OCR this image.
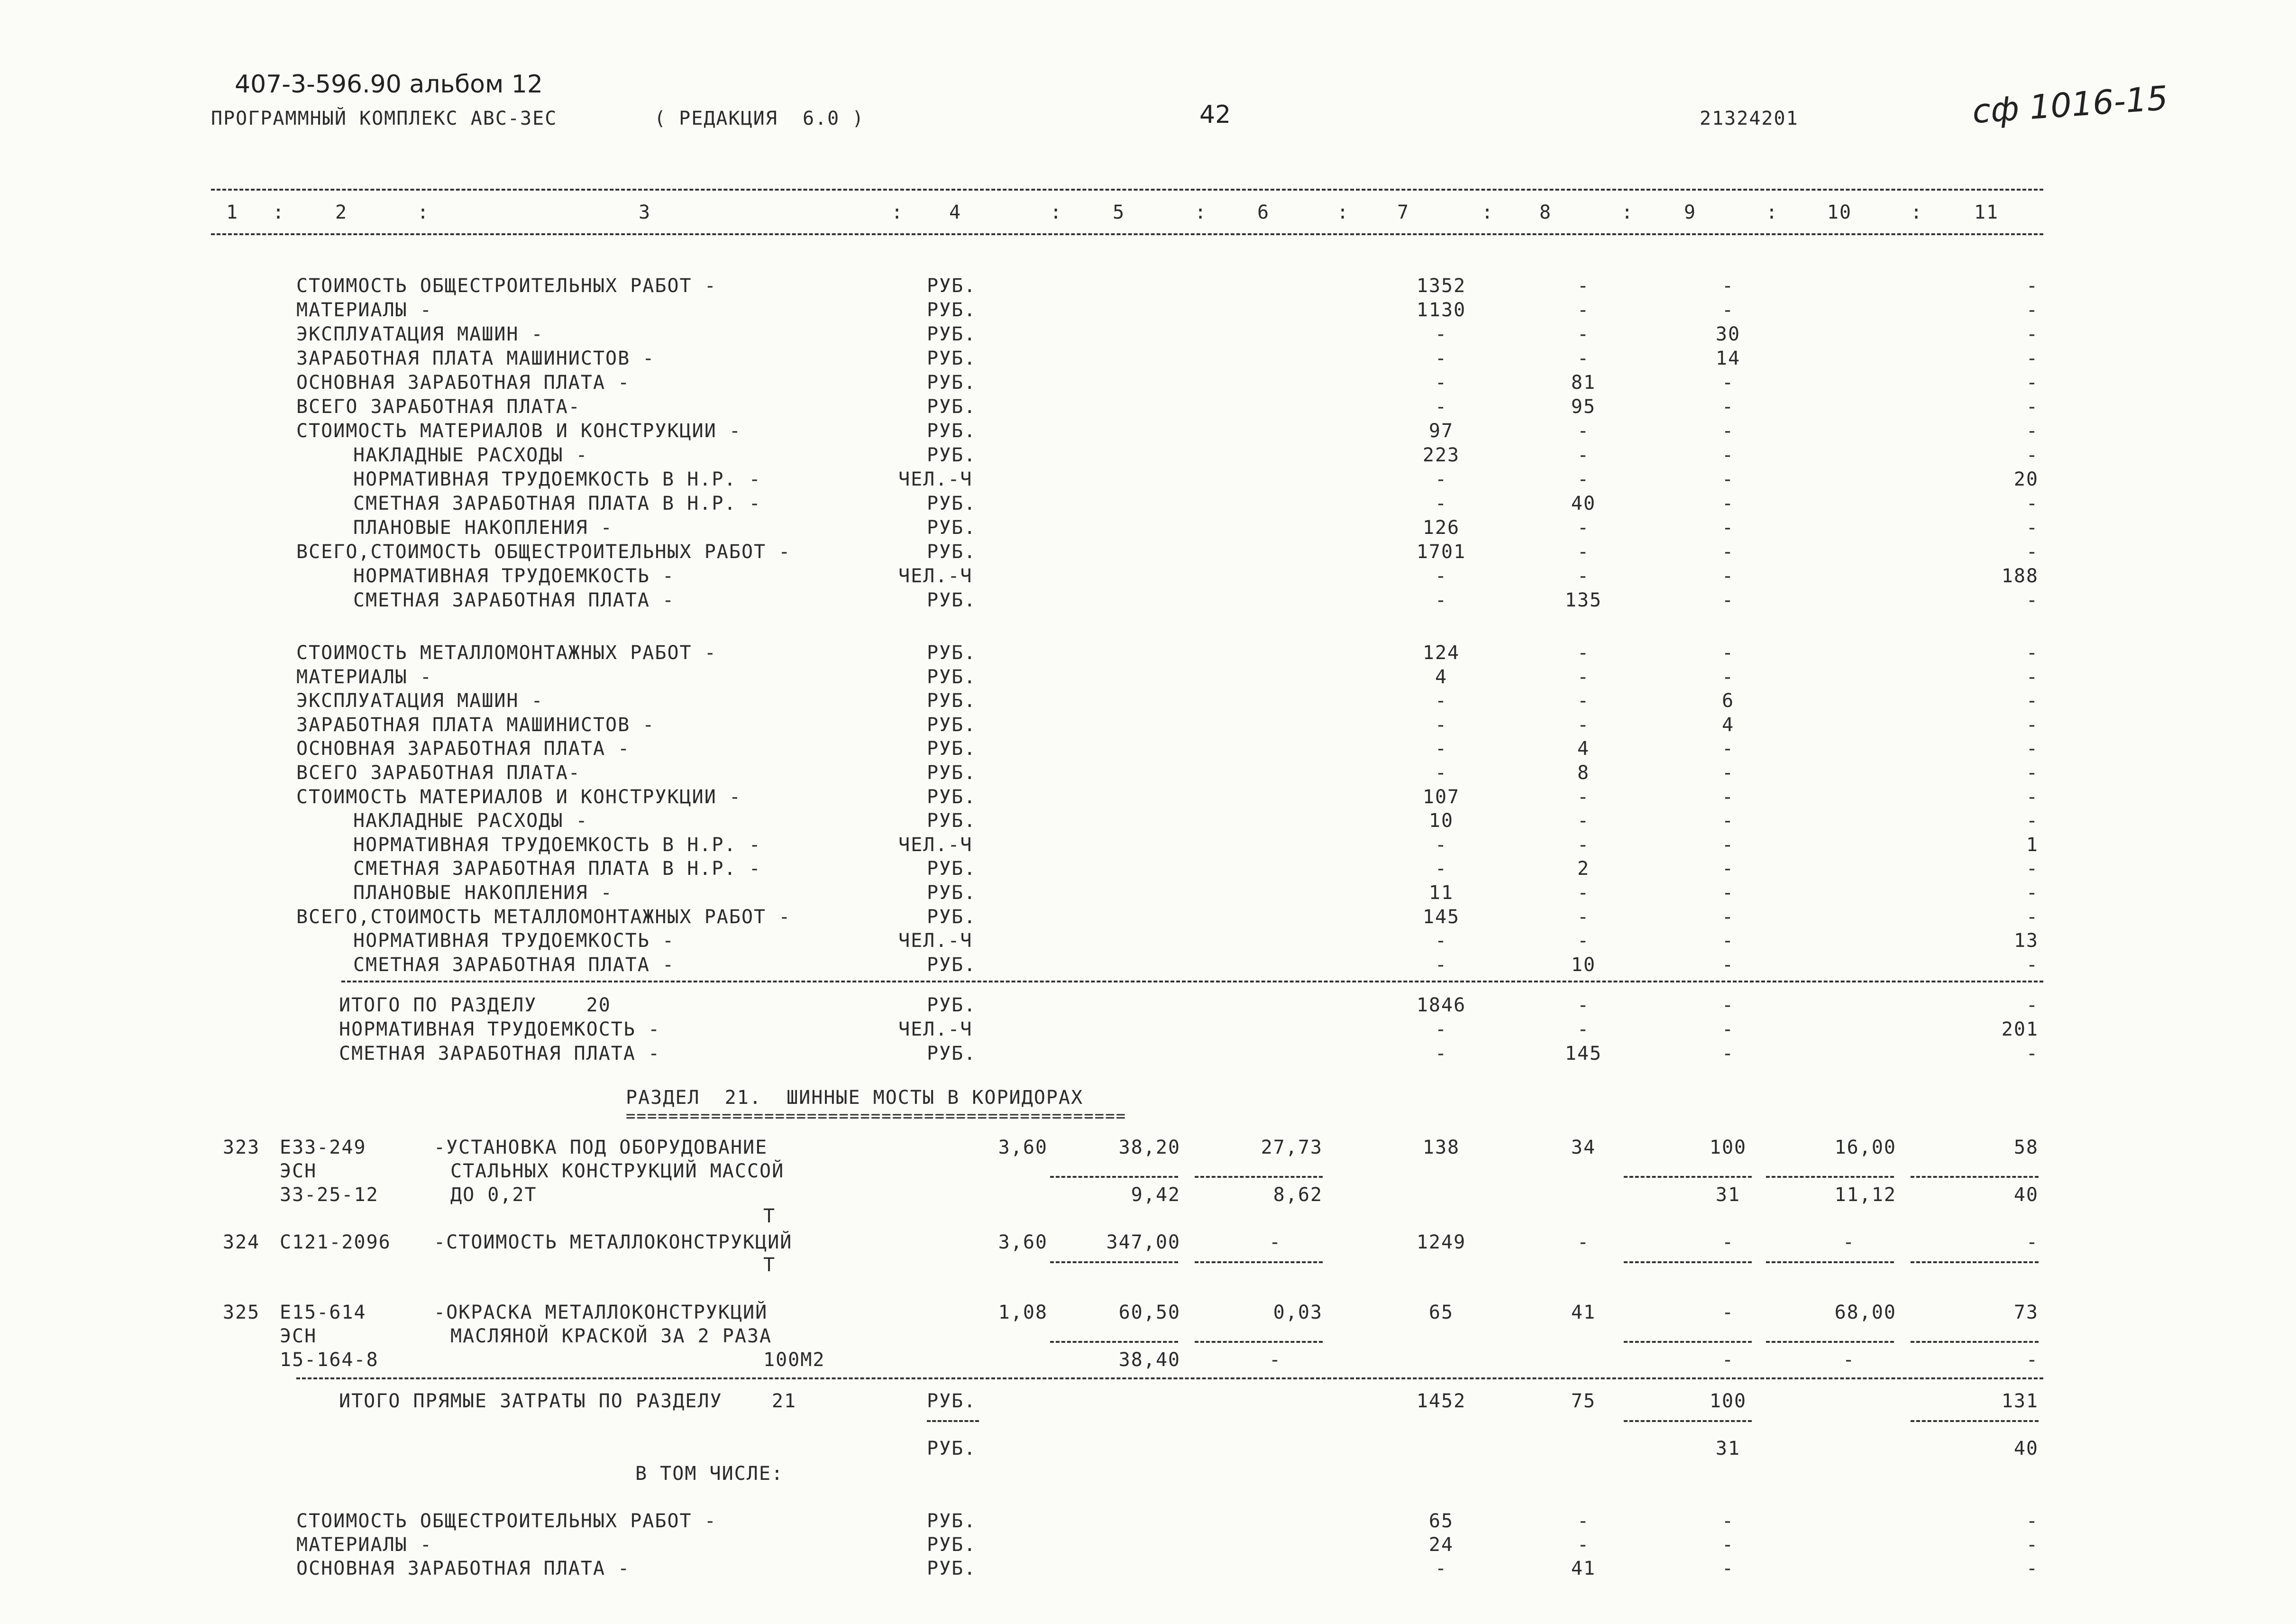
407-3-596.90 альбом 12
ПРОГРАММНЫЙ КОМПЛЕКС АВС-ЗЕС	( РЕДАКЦИЯ  6.0 )	42	21324201	сф 1016-15
1	2	3	4	5	6	7	8	9	10	11
:	:	:	:	:	:	:	:	:	:
СТОИМОСТЬ ОБЩЕСТРОИТЕЛЬНЫХ РАБОТ -	РУБ.	1352	-	-	-
МАТЕРИАЛЫ -	РУБ.	1130	-	-	-
ЭКСПЛУАТАЦИЯ МАШИН -	РУБ.	-	-	30	-
ЗАРАБОТНАЯ ПЛАТА МАШИНИСТОВ -	РУБ.	-	-	14	-
ОСНОВНАЯ ЗАРАБОТНАЯ ПЛАТА -	РУБ.	-	81	-	-
ВСЕГО ЗАРАБОТНАЯ ПЛАТА-	РУБ.	-	95	-	-
СТОИМОСТЬ МАТЕРИАЛОВ И КОНСТРУКЦИИ -	РУБ.	97	-	-	-
НАКЛАДНЫЕ РАСХОДЫ -	РУБ.	223	-	-	-
НОРМАТИВНАЯ ТРУДОЕМКОСТЬ В Н.Р. -	ЧЕЛ.-Ч	-	-	-	20
СМЕТНАЯ ЗАРАБОТНАЯ ПЛАТА В Н.Р. -	РУБ.	-	40	-	-
ПЛАНОВЫЕ НАКОПЛЕНИЯ -	РУБ.	126	-	-	-
ВСЕГО,СТОИМОСТЬ ОБЩЕСТРОИТЕЛЬНЫХ РАБОТ -	РУБ.	1701	-	-	-
НОРМАТИВНАЯ ТРУДОЕМКОСТЬ -	ЧЕЛ.-Ч	-	-	-	188
СМЕТНАЯ ЗАРАБОТНАЯ ПЛАТА -	РУБ.	-	135	-	-
СТОИМОСТЬ МЕТАЛЛОМОНТАЖНЫХ РАБОТ -	РУБ.	124	-	-	-
МАТЕРИАЛЫ -	РУБ.	4	-	-	-
ЭКСПЛУАТАЦИЯ МАШИН -	РУБ.	-	-	6	-
ЗАРАБОТНАЯ ПЛАТА МАШИНИСТОВ -	РУБ.	-	-	4	-
ОСНОВНАЯ ЗАРАБОТНАЯ ПЛАТА -	РУБ.	-	4	-	-
ВСЕГО ЗАРАБОТНАЯ ПЛАТА-	РУБ.	-	8	-	-
СТОИМОСТЬ МАТЕРИАЛОВ И КОНСТРУКЦИИ -	РУБ.	107	-	-	-
НАКЛАДНЫЕ РАСХОДЫ -	РУБ.	10	-	-	-
НОРМАТИВНАЯ ТРУДОЕМКОСТЬ В Н.Р. -	ЧЕЛ.-Ч	-	-	-	1
СМЕТНАЯ ЗАРАБОТНАЯ ПЛАТА В Н.Р. -	РУБ.	-	2	-	-
ПЛАНОВЫЕ НАКОПЛЕНИЯ -	РУБ.	11	-	-	-
ВСЕГО,СТОИМОСТЬ МЕТАЛЛОМОНТАЖНЫХ РАБОТ -	РУБ.	145	-	-	-
НОРМАТИВНАЯ ТРУДОЕМКОСТЬ -	ЧЕЛ.-Ч	-	-	-	13
СМЕТНАЯ ЗАРАБОТНАЯ ПЛАТА -	РУБ.	-	10	-	-
ИТОГО ПО РАЗДЕЛУ    20	РУБ.	1846	-	-	-
НОРМАТИВНАЯ ТРУДОЕМКОСТЬ -	ЧЕЛ.-Ч	-	-	-	201
СМЕТНАЯ ЗАРАБОТНАЯ ПЛАТА -	РУБ.	-	145	-	-
РАЗДЕЛ  21.  ШИННЫЕ МОСТЫ В КОРИДОРАХ
===============================================
323 Е33-249	-УСТАНОВКА ПОД ОБОРУДОВАНИЕ	3,60	38,20	27,73	138	34	100	16,00	58
ЭСН	СТАЛЬНЫХ КОНСТРУКЦИЙ МАССОЙ
33-25-12	ДО 0,2Т	9,42	8,62	31	11,12	40
Т
324 С121-2096 -СТОИМОСТЬ МЕТАЛЛОКОНСТРУКЦИЙ	3,60	347,00	-	1249	-	-	-	-
Т
325 Е15-614	-ОКРАСКА МЕТАЛЛОКОНСТРУКЦИЙ	1,08	60,50	0,03	65	41	-	68,00	73
ЭСН	МАСЛЯНОЙ КРАСКОЙ ЗА 2 РАЗА
15-164-8	100М2	38,40	-	-	-	-
ИТОГО ПРЯМЫЕ ЗАТРАТЫ ПО РАЗДЕЛУ    21	РУБ.	1452	75	100	131
РУБ.	31	40
В ТОМ ЧИСЛЕ:
СТОИМОСТЬ ОБЩЕСТРОИТЕЛЬНЫХ РАБОТ -	РУБ.	65	-	-	-
МАТЕРИАЛЫ -	РУБ.	24	-	-	-
ОСНОВНАЯ ЗАРАБОТНАЯ ПЛАТА -	РУБ.	-	41	-	-
